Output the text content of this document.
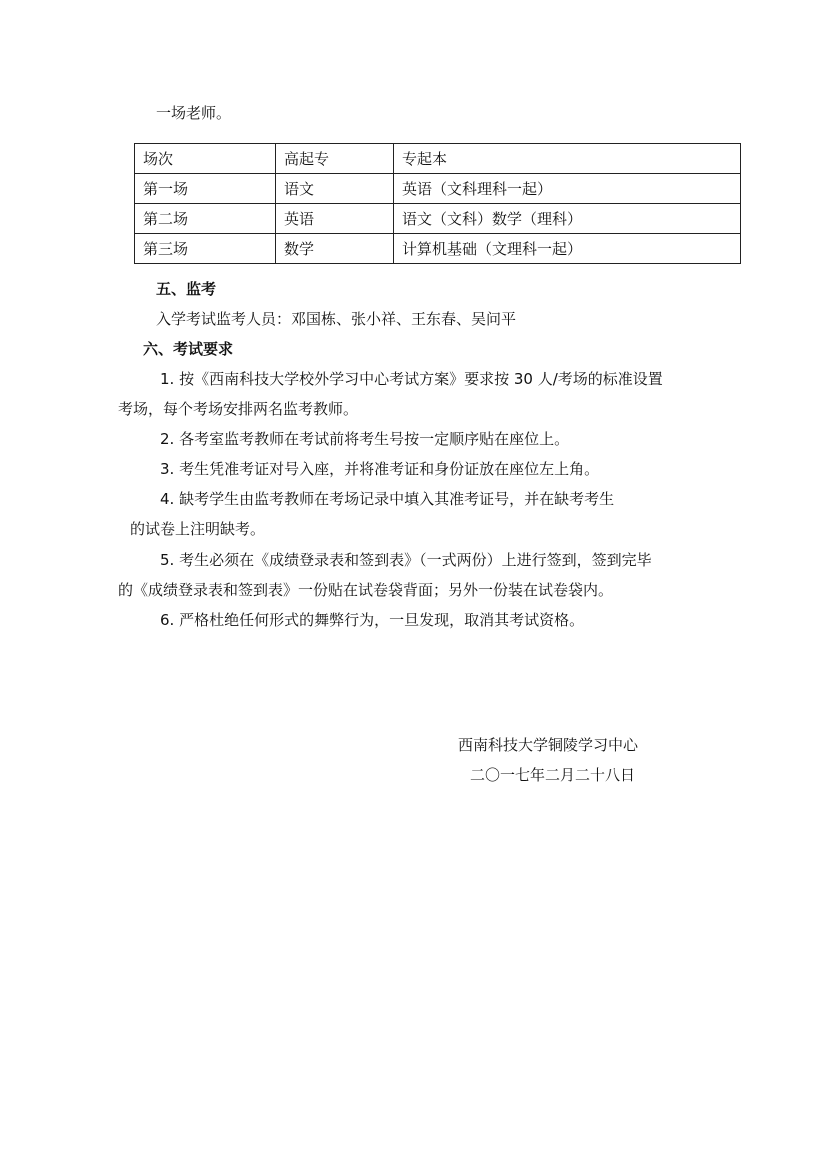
一场老师。
场次	高起专	专起本
第一场	语文	英语（文科理科一起）
第二场	英语	语文（文科）数学（理科）
第三场	数学	计算机基础（文理科一起）
五、监考
入学考试监考人员：邓国栋、张小祥、王东春、吴问平
六、考试要求
1. 按《西南科技大学校外学习中心考试方案》要求按 30 人/考场的标准设置
考场，每个考场安排两名监考教师。
2. 各考室监考教师在考试前将考生号按一定顺序贴在座位上。
3. 考生凭准考证对号入座，并将准考证和身份证放在座位左上角。
4. 缺考学生由监考教师在考场记录中填入其准考证号，并在缺考考生
的试卷上注明缺考。
5. 考生必须在《成绩登录表和签到表》（一式两份）上进行签到，签到完毕
的《成绩登录表和签到表》一份贴在试卷袋背面；另外一份装在试卷袋内。
6. 严格杜绝任何形式的舞弊行为，一旦发现，取消其考试资格。
西南科技大学铜陵学习中心
二〇一七年二月二十八日
